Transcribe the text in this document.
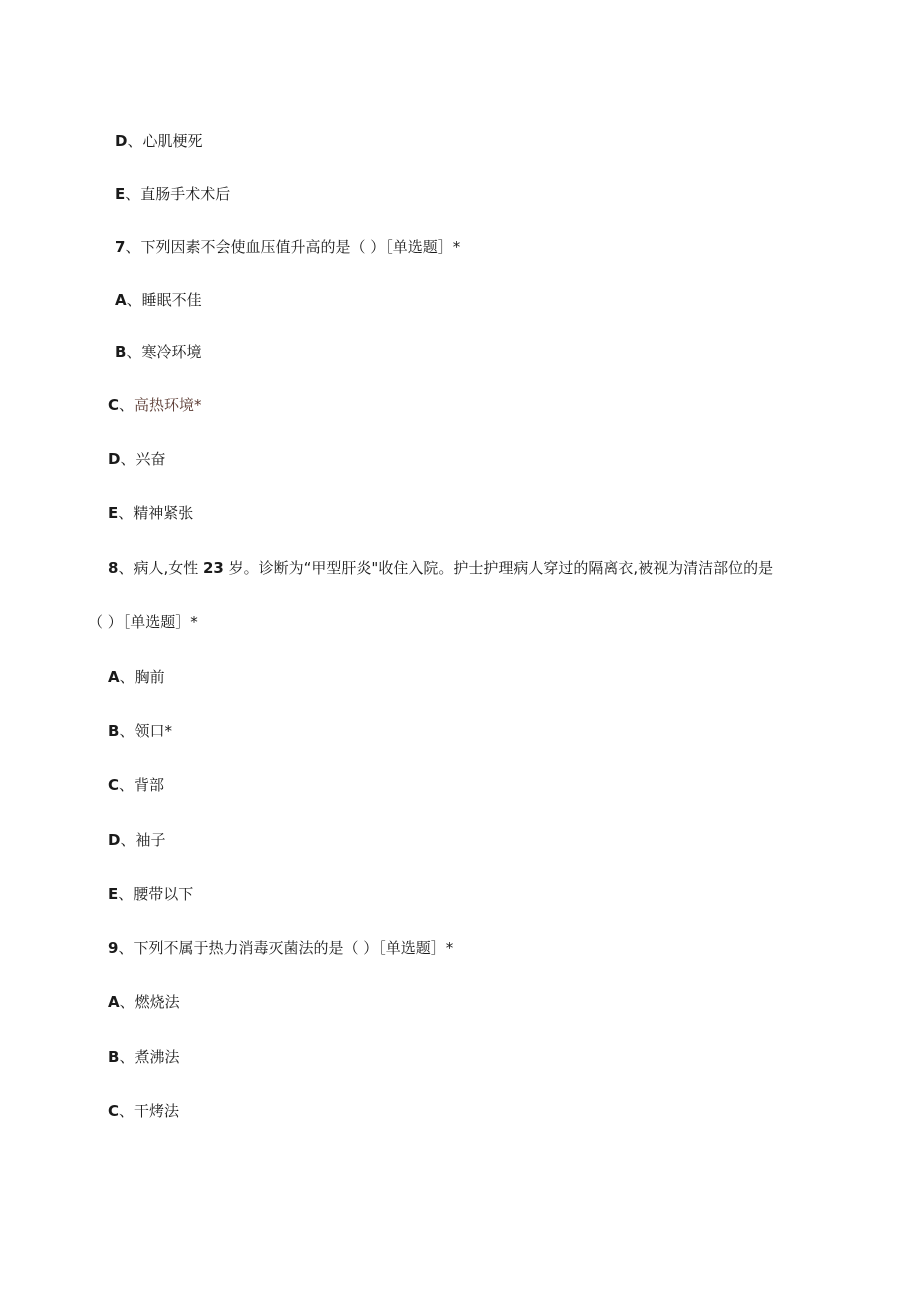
D、心肌梗死
E、直肠手术术后
7、下列因素不会使血压值升高的是（ ）［单选题］*
A、睡眠不佳
B、寒冷环境
C、高热环境*
D、兴奋
E、精神紧张
8、病人,女性 23 岁。诊断为“甲型肝炎"收住入院。护士护理病人穿过的隔离衣,被视为清洁部位的是
（ ）［单选题］*
A、胸前
B、领口*
C、背部
D、袖子
E、腰带以下
9、下列不属于热力消毒灭菌法的是（ ）［单选题］*
A、燃烧法
B、煮沸法
C、干烤法
